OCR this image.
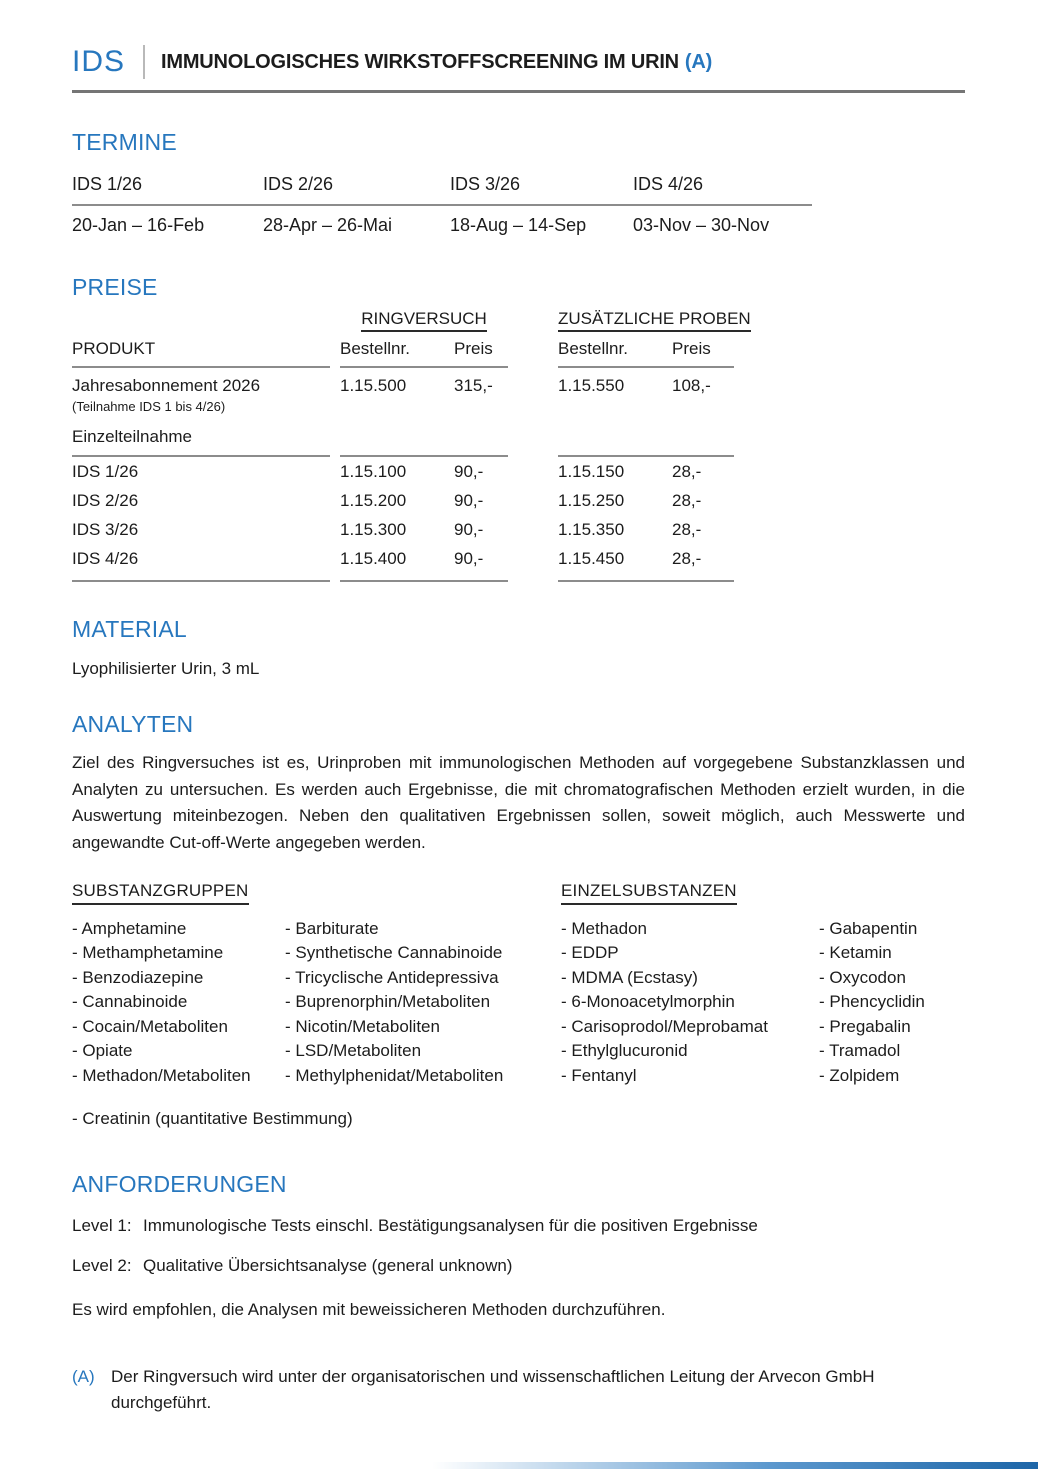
IDS IMMUNOLOGISCHES WIRKSTOFFSCREENING IM URIN (A)
TERMINE
IDS 1/26	IDS 2/26	IDS 3/26	IDS 4/26
20-Jan – 16-Feb	28-Apr – 26-Mai	18-Aug – 14-Sep	03-Nov – 30-Nov
PREISE
RINGVERSUCH	ZUSÄTZLICHE PROBEN
PRODUKT	Bestellnr.	Preis	Bestellnr.	Preis
Jahresabonnement 2026	1.15.500	315,-	1.15.550	108,-
(Teilnahme IDS 1 bis 4/26)
Einzelteilnahme
IDS 1/26	1.15.100	90,-	1.15.150	28,-
IDS 2/26	1.15.200	90,-	1.15.250	28,-
IDS 3/26	1.15.300	90,-	1.15.350	28,-
IDS 4/26	1.15.400	90,-	1.15.450	28,-
MATERIAL
Lyophilisierter Urin, 3 mL
ANALYTEN
Ziel des Ringversuches ist es, Urinproben mit immunologischen Methoden auf vorgegebene Substanzklassen und Analyten zu untersuchen. Es werden auch Ergebnisse, die mit chromatografischen Methoden erzielt wurden, in die Auswertung miteinbezogen. Neben den qualitativen Ergebnissen sollen, soweit möglich, auch Messwerte und angewandte Cut-off-Werte angegeben werden.
SUBSTANZGRUPPEN
- Amphetamine
- Methamphetamine
- Benzodiazepine
- Cannabinoide
- Cocain/Metaboliten
- Opiate
- Methadon/Metaboliten
- Barbiturate
- Synthetische Cannabinoide
- Tricyclische Antidepressiva
- Buprenorphin/Metaboliten
- Nicotin/Metaboliten
- LSD/Metaboliten
- Methylphenidat/Metaboliten
EINZELSUBSTANZEN
- Methadon
- EDDP
- MDMA (Ecstasy)
- 6-Monoacetylmorphin
- Carisoprodol/Meprobamat
- Ethylglucuronid
- Fentanyl
- Gabapentin
- Ketamin
- Oxycodon
- Phencyclidin
- Pregabalin
- Tramadol
- Zolpidem
- Creatinin (quantitative Bestimmung)
ANFORDERUNGEN
Level 1: Immunologische Tests einschl. Bestätigungsanalysen für die positiven Ergebnisse
Level 2: Qualitative Übersichtsanalyse (general unknown)
Es wird empfohlen, die Analysen mit beweissicheren Methoden durchzuführen.
(A) Der Ringversuch wird unter der organisatorischen und wissenschaftlichen Leitung der Arvecon GmbH durchgeführt.
